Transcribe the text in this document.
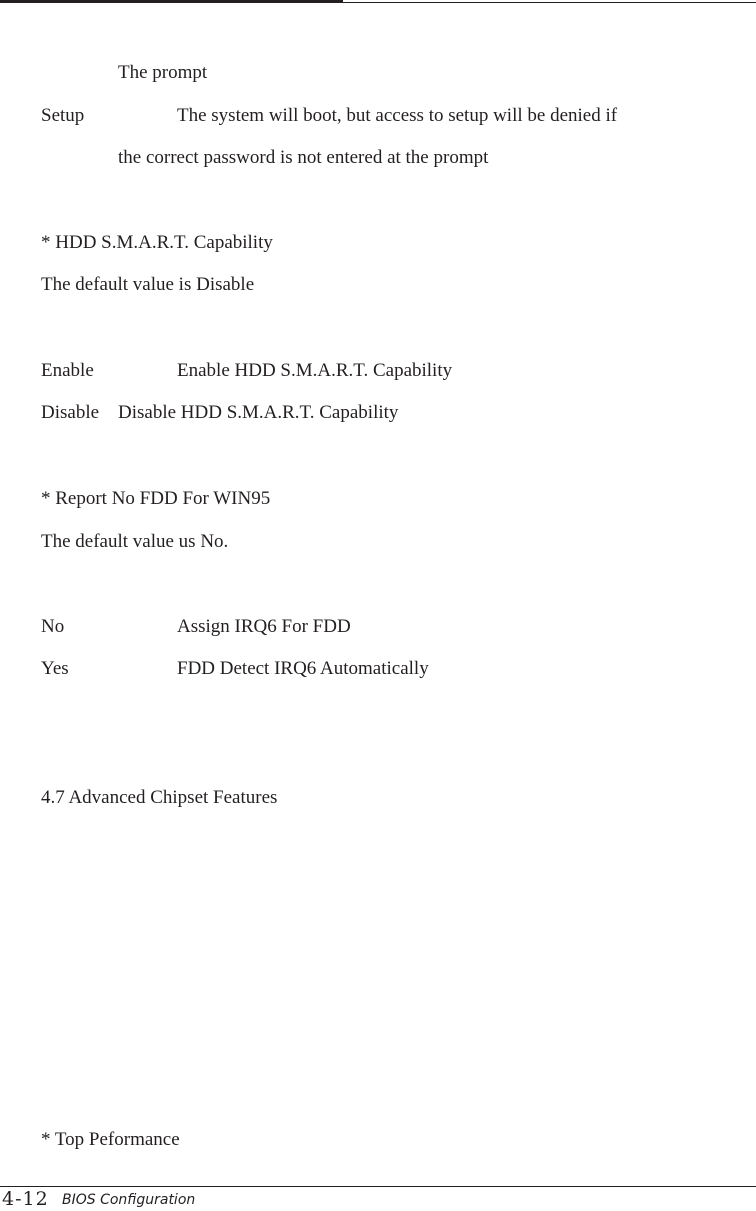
The prompt
Setup	The system will boot, but access to setup will be denied if
the correct password is not entered at the prompt
* HDD S.M.A.R.T. Capability
The default value is Disable
Enable	Enable HDD S.M.A.R.T. Capability
Disable Disable HDD S.M.A.R.T. Capability
* Report No FDD For WIN95
The default value us No.
No	Assign IRQ6 For FDD
Yes	FDD Detect IRQ6 Automatically
4.7 Advanced Chipset Features
* Top Peformance
4-12 BIOS Configuration
